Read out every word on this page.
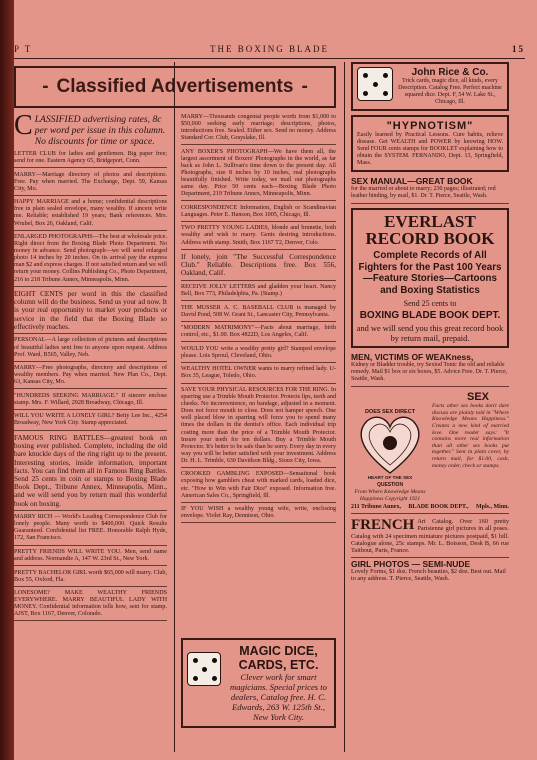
P T	THE BOXING BLADE	15
- Classified Advertisements -
CLASSIFIED advertising rates, 8c per word per issue in this column. No discounts for time or space.

LETTER CLUB for ladies and gentlemen. Big paper free; send for one. Eastern Agency 65, Bridgeport, Conn.

MARRY—Marriage directory of photos and descriptions. Free. Pay when married. The Exchange, Dept. 59, Kansas City, Mo.

HAPPY MARRIAGE and a home; confidential descriptions free in plain sealed envelope, many wealthy. If sincere write me. Reliable; established 19 years; Bank references. Mrs. Wrubel, Box 26, Oakland, Calif.

ENLARGED PHOTOGRAPHS—The best at wholesale price. Right direct from the Boxing Blade Photo Department. No money in advance. Send photograph—we will send enlarged photo 14 inches by 20 inches. On its arrival pay the express man $2 and express charges. If not satisfied return and we will return your money. Collins Publishing Co., Photo Department, 216 to 218 Tribune Annex, Minneapolis, Minn.

EIGHT CENTS per word in this the classified column will do the business. Send us your ad now. It is your real opportunity to market your products or service in the field that the Boxing Blade so effectively reaches.

PERSONAL—A large collection of pictures and descriptions of beautiful ladies sent free to anyone upon request. Address Prof. Ward, B565, Valley, Neb.

MARRY—Free photographs, directory and descriptions of wealthy members. Pay when married. New Plan Co., Dept. 63, Kansas City, Mo.

"HUNDREDS SEEKING MARRIAGE." If sincere enclose stamp. Mrs. F. Willard, 2928 Broadway, Chicago, Ill.

WILL YOU WRITE A LONELY GIRL? Betty Lee Inc., 4254 Broadway, New York City. Stamp appreciated.

FAMOUS RING BATTLES—greatest book on boxing ever published. Complete, including the old bare knuckle days of the ring right up to the present. Interesting stories, inside information, important facts. You can find them all in Famous Ring Battles. Send 25 cents in coin or stamps to Boxing Blade Book Dept., Tribune Annex, Minneapolis, Minn., and we will send you by return mail this wonderful book on boxing.

MARRY RICH — World's Leading Correspondence Club for lonely people. Many worth to $400,000. Quick Results Guaranteed. Confidential list FREE. Honorable Ralph Hyde, 172, San Francisco.

PRETTY FRIENDS WILL WRITE YOU. Men, send name and address. Normandie A, 147 W. 23rd St., New York.

PRETTY BACHELOR GIRL worth $65,000 will marry. Club, Box 55, Oxford, Fla.

LONESOME? MAKE WEALTHY FRIENDS EVERYWHERE. MARRY BEAUTIFUL LADY WITH MONEY. Confidential information tells how, sent for stamp. AJST, Box 1167, Denver, Colorado.

MARRY—Thousands congenial people worth from $1,000 to $50,000 seeking early marriage; descriptions, photos, introductions free. Sealed. Either sex. Send no money. Address Standard Cor. Club, Grayslake, Ill.

ANY BOXER'S PHOTOGRAPH—We have them all, the largest assortment of Boxers' Photographs in the world, as far back as John L. Sullivan's time down to the present day. All Photographs, size 8 inches by 10 inches, real photographs beautifully finished. Write today, we mail out photographs same day. Price 50 cents each—Boxing Blade Photo Department, 219 Tribune Annex, Minneapolis, Minn.

CORRESPONDENCE Information, English or Scandinavian Languages. Peter E. Hanson, Box 1005, Chicago, Ill.

TWO PRETTY YOUNG LADIES, blonde and brunette, both wealthy and wish to marry. Gents desiring introductions. Address with stamp. Smith, Box 1167 T2, Denver, Colo.

If lonely, join "The Successful Correspondence Club." Reliable. Descriptions free. Box 556, Oakland, Calif.

RECEIVE JOLLY LETTERS and gladden your heart. Nancy Bell, Box 773, Philadelphia, Pa. (Stamp.)

THE MUSSER A. C. BASEBALL CLUB is managed by David Pond, 508 W. Grant St., Lancaster City, Pennsylvania.

"MODERN MATRIMONY"—Facts about marriage, birth control, etc., $1.00. Box 4822D, Los Angeles, Calif.

WOULD YOU write a wealthy pretty girl? Stamped envelope please. Lois Sproul, Cleveland, Ohio.

WEALTHY HOTEL OWNER wants to marry refined lady. U-Box 35, League, Toledo, Ohio.

SAVE YOUR PHYSICAL RESOURCES FOR THE RING. In sparring use a Trimble Mouth Protector. Protects lips, teeth and cheeks. No inconvenience, no bandage, adjusted in a moment. Does not force mouth to close. Does not hamper speech. One well placed blow in sparring will force you to spend many times the dollars in the dentist's office. Each individual trip costing more than the price of a Trimble Mouth Protector. Insure your teeth for ten dollars. Buy a Trimble Mouth Protector. It's better to be safe than be sorry. Every day in every way you will be better satisfied with your investment. Address Dr. H. L. Trimble, 630 Davidson Bldg., Sioux City, Iowa.

CROOKED GAMBLING EXPOSED—Sensational book exposing how gamblers cheat with marked cards, loaded dice, etc. "How to Win with Fair Dice" exposed. Information free. American Sales Co., Springfield, Ill.

IF YOU WISH a wealthy young wife, write, enclosing envelope. Violet Ray, Dennison, Ohio.

MAGIC DICE, CARDS, ETC.
Clever work for smart magicians. Special prices to dealers, Catalog free. H. C. Edwards, 263 W. 125th St., New York City.
John Rice & Co.
Trick cards, magic dice, all kinds, every Description. Catalog Free. Perfect machine squared dice. Dept. F, 54 W. Lake St., Chicago, Ill.
"HYPNOTISM"
Easily learned by Practical Lessons. Cure habits, relieve disease. Get WEALTH and POWER by knowing HOW. Send FOUR cents stamps for BOOKLET explaining how to obtain the SYSTEM. FERNANDO, Dept. 13, Springfield, Mass.
SEX MANUAL—GREAT BOOK
for the married or about to marry; 230 pages; illustrated; red leather binding, by mail, $1. Dr. T. Pierce, Seattle, Wash.
EVERLAST RECORD BOOK
Complete Records of All Fighters for the Past 100 Years—Feature Stories—Cartoons and Boxing Statistics
Send 25 cents to
BOXING BLADE BOOK DEPT.
and we will send you this great record book by return mail, prepaid.
MEN, VICTIMS OF WEAKness,
Kidney or Bladder trouble, try Sexiod Tonic the old and reliable remedy. Mail $1 box or six boxes, $5. Advice Free. Dr. T. Pierce, Seattle, Wash.
SEX
DOES SEX DIRECT
HEART OF THE SEX
QUESTION
Facts other sex books don't dare discuss are plainly told in "Where Knowledge Means Happiness." Creates a new kind of married love. One reader says: "It contains more real information than all other sex books put together." Sent in plain cover, by return mail, for $1.00, cash, money order, check or stamps.
From Where Knowledge Means Happiness Copyright 1921
211 Tribune Annex, BLADE BOOK DEPT., Mpls., Minn.
FRENCH Art Catalog. Over 160 pretty Parisienne girl pictures in all poses. Catalog with 24 specimen miniature pictures postpaid, $1 bill. Catalogue alone, 25c stamps. Mr. L. Boisson, Desk B, 66 rue Taitbout, Paris, France.
GIRL PHOTOS — SEMI-NUDE
Lovely Forms, $1 doz. French beauties, $2 doz. Best out. Mail to any address. T. Pierce, Seattle, Wash.
